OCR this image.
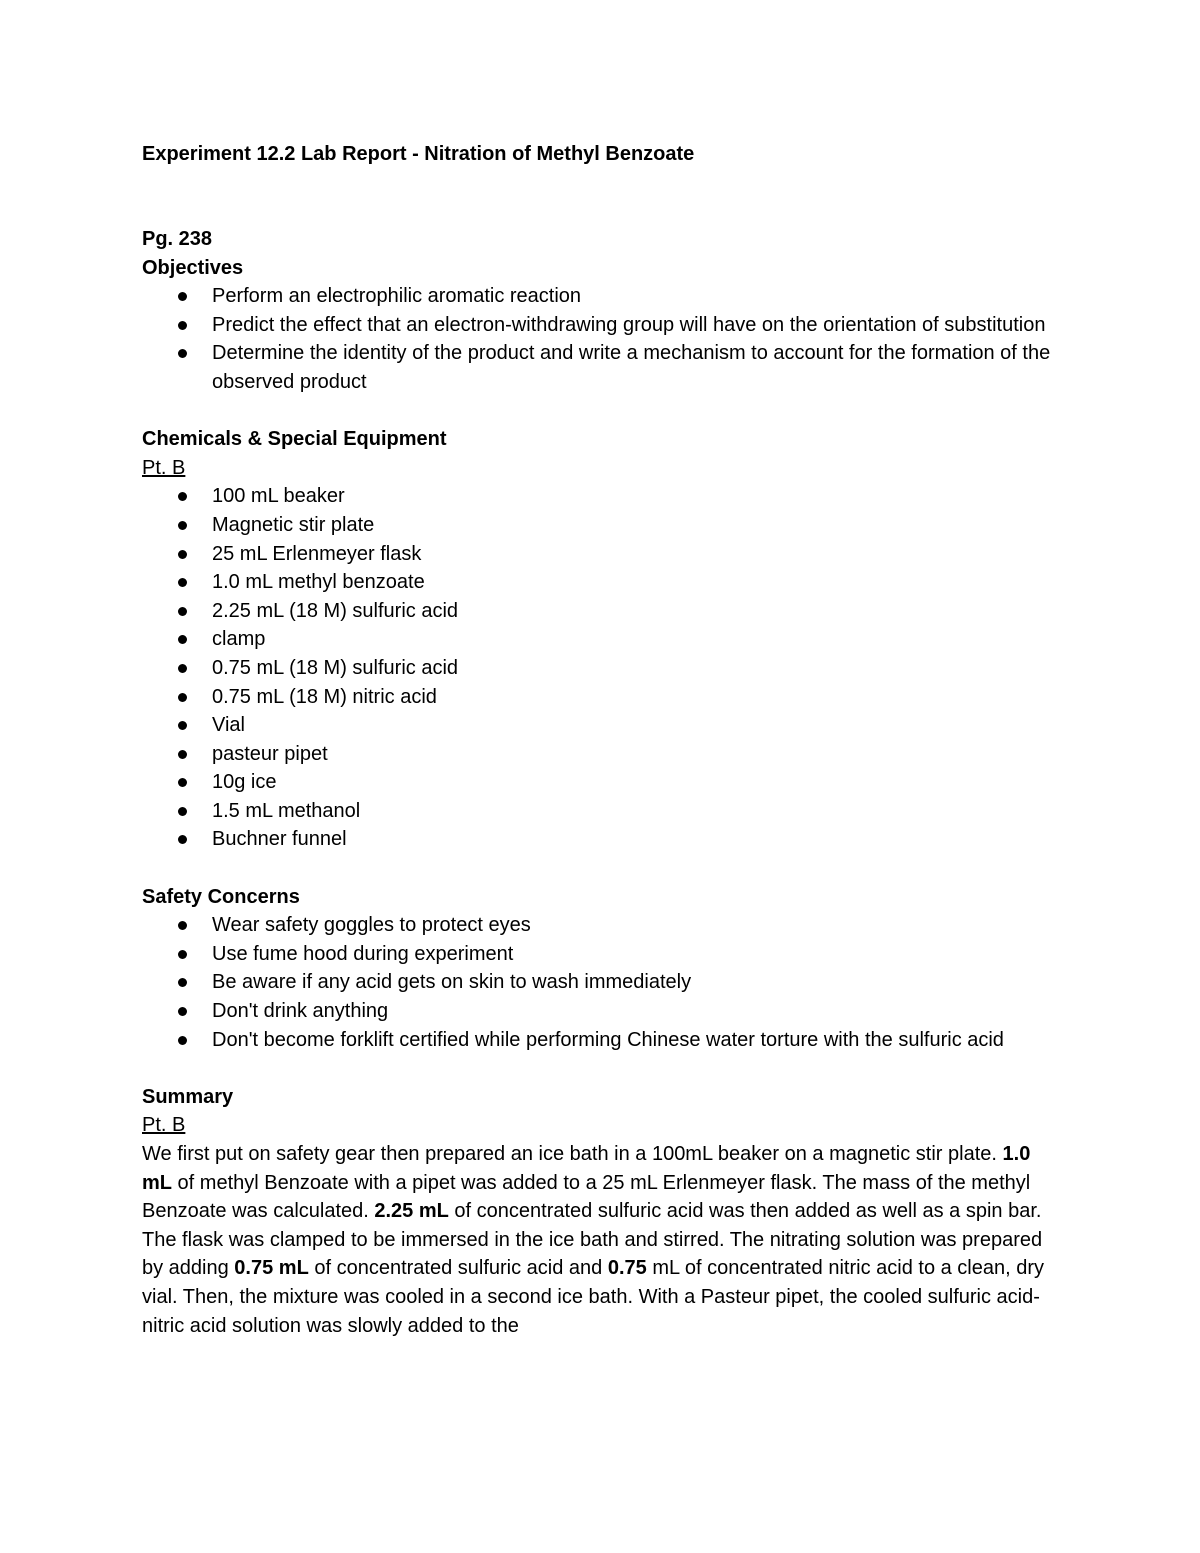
Experiment 12.2 Lab Report - Nitration of Methyl Benzoate

Pg. 238

Objectives

Perform an electrophilic aromatic reaction
Predict the effect that an electron-withdrawing group will have on the orientation of substitution
Determine the identity of the product and write a mechanism to account for the formation of the observed product

Chemicals & Special Equipment

Pt. B

100 mL beaker
Magnetic stir plate
25 mL Erlenmeyer flask
1.0 mL methyl benzoate
2.25 mL (18 M) sulfuric acid
clamp
0.75 mL (18 M) sulfuric acid
0.75 mL (18 M) nitric acid
Vial
pasteur pipet
10g ice
1.5 mL methanol
Buchner funnel

Safety Concerns

Wear safety goggles to protect eyes
Use fume hood during experiment
Be aware if any acid gets on skin to wash immediately
Don't drink anything
Don't become forklift certified while performing Chinese water torture with the sulfuric acid

Summary

Pt. B

We first put on safety gear then prepared an ice bath in a 100mL beaker on a magnetic stir plate. 1.0 mL of methyl Benzoate with a pipet was added to a 25 mL Erlenmeyer flask. The mass of the methyl Benzoate was calculated. 2.25 mL of concentrated sulfuric acid was then added as well as a spin bar. The flask was clamped to be immersed in the ice bath and stirred. The nitrating solution was prepared by adding 0.75 mL of concentrated sulfuric acid and 0.75 mL of concentrated nitric acid to a clean, dry vial. Then, the mixture was cooled in a second ice bath. With a Pasteur pipet, the cooled sulfuric acid-nitric acid solution was slowly added to the
